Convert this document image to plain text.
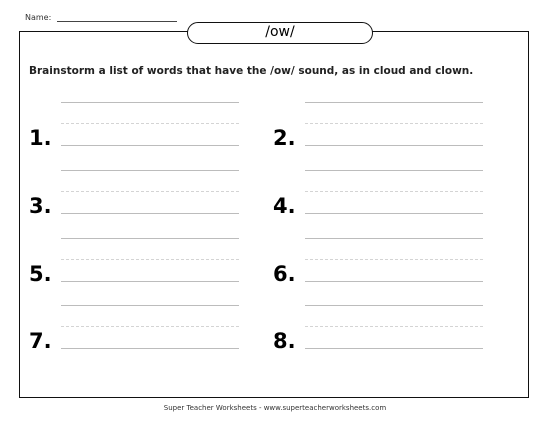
Name:
/ow/
Brainstorm a list of words that have the /ow/ sound, as in cloud and clown.
1.	2.
3.	4.
5.	6.
7.	8.
Super Teacher Worksheets - www.superteacherworksheets.com
